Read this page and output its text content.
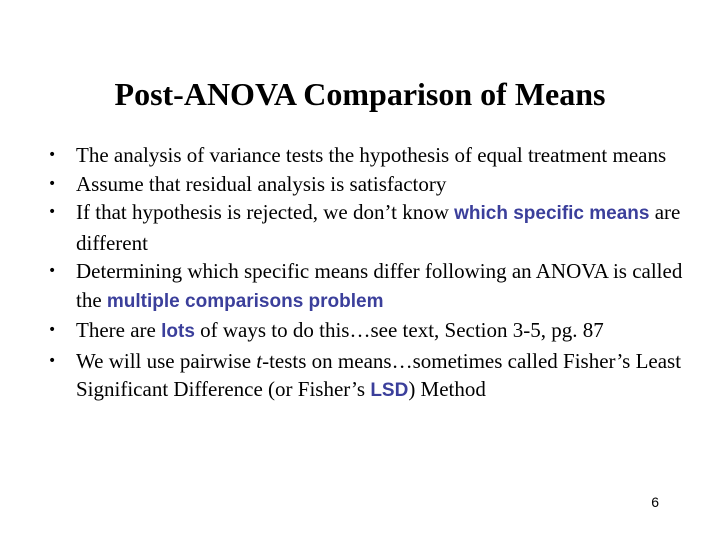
Post-ANOVA Comparison of Means
• The analysis of variance tests the hypothesis of equal treatment means
• Assume that residual analysis is satisfactory
• If that hypothesis is rejected, we don’t know which specific means are different
• Determining which specific means differ following an ANOVA is called the multiple comparisons problem
• There are lots of ways to do this…see text, Section 3-5, pg. 87
• We will use pairwise t-tests on means…sometimes called Fisher’s Least Significant Difference (or Fisher’s LSD) Method
6
